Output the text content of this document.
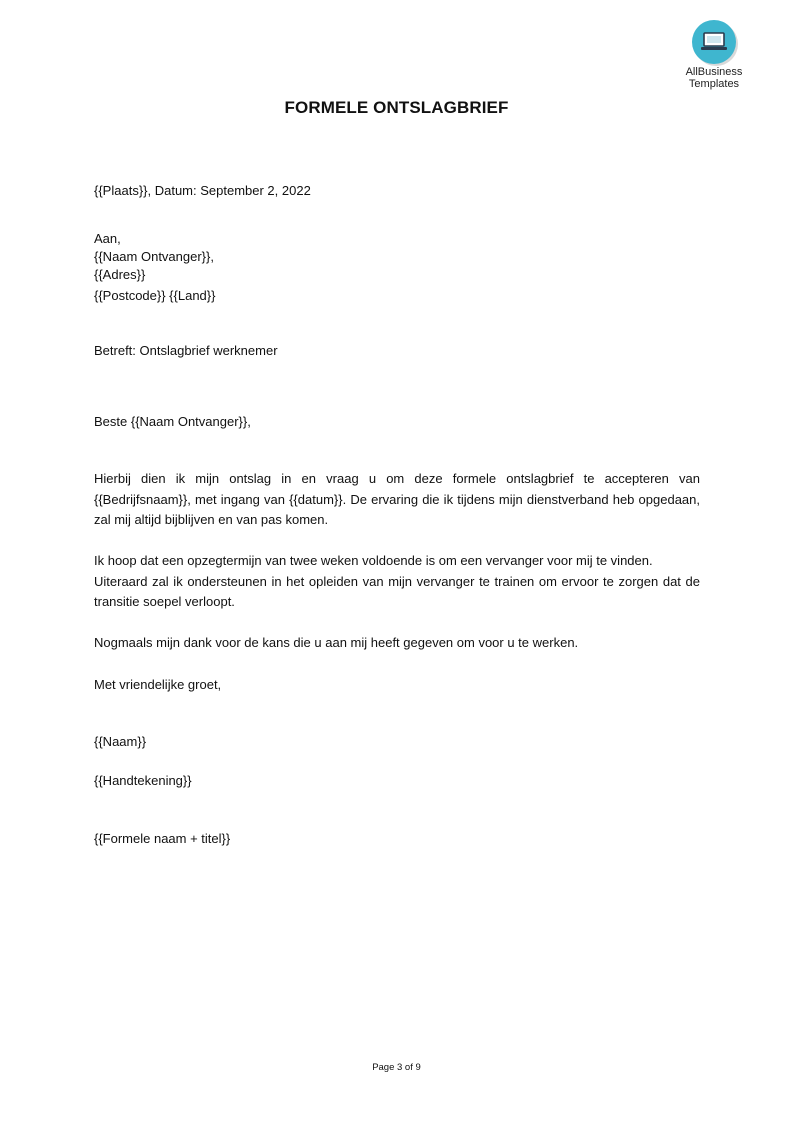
AllBusiness
Templates
FORMELE ONTSLAGBRIEF
{{Plaats}}, Datum: September 2, 2022
Aan,
{{Naam Ontvanger}},
{{Adres}}
{{Postcode}} {{Land}}
Betreft: Ontslagbrief werknemer
Beste {{Naam Ontvanger}},
Hierbij dien ik mijn ontslag in en vraag u om deze formele ontslagbrief te accepteren van {{Bedrijfsnaam}}, met ingang van {{datum}}. De ervaring die ik tijdens mijn dienstverband heb opgedaan, zal mij altijd bijblijven en van pas komen.
Ik hoop dat een opzegtermijn van twee weken voldoende is om een vervanger voor mij te vinden.
Uiteraard zal ik ondersteunen in het opleiden van mijn vervanger te trainen om ervoor te zorgen dat de transitie soepel verloopt.
Nogmaals mijn dank voor de kans die u aan mij heeft gegeven om voor u te werken.
Met vriendelijke groet,
{{Naam}}
{{Handtekening}}
{{Formele naam + titel}}
Page 3 of 9
